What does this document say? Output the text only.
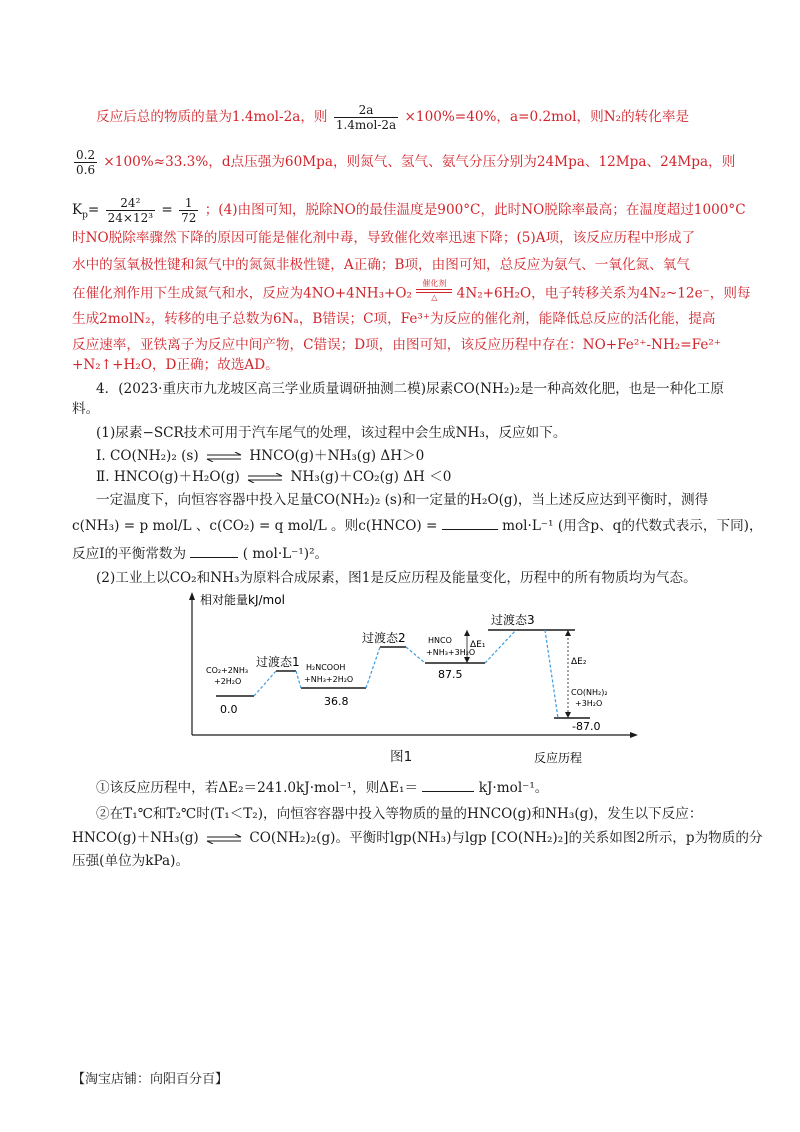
反应后总的物质的量为1.4mol-2a，则 $\frac{2a}{\text{1.4mol-2a}} \times 100\%=40\%$，a=0.2mol，则N₂的转化率是
$\frac{0.2}{0.6} \times 100\%\approx 33.3\%$，d点压强为60Mpa，则氮气、氢气、氨气分压分别为24Mpa、12Mpa、24Mpa，则
$K_p= \frac{\text{24²}}{\text{24×12³}} = \frac{1}{72}$ ；(4)由图可知，脱除NO的最佳温度是900°C，此时NO脱除率最高；在温度超过1000°C
时NO脱除率骤然下降的原因可能是催化剂中毒，导致催化效率迅速下降；(5)A项，该反应历程中形成了
水中的氢氧极性键和氮气中的氮氮非极性键，A正确；B项，由图可知，总反应为氨气、一氧化氮、氧气
在催化剂作用下生成氮气和水，反应为4NO+4NH₃+O₂
催化剂
△	4N₂+6H₂O，电子转移关系为4N₂~12e⁻，则每
生成2molN₂，转移的电子总数为6Nₐ，B错误；C项，Fe³⁺为反应的催化剂，能降低总反应的活化能，提高
反应速率，亚铁离子为反应中间产物，C错误；D项，由图可知，该反应历程中存在：NO+Fe²⁺-NH₂=Fe²⁺
+N₂↑+H₂O，D正确；故选AD。
4．(2023·重庆市九龙坡区高三学业质量调研抽测二模)尿素CO(NH₂)₂是一种高效化肥，也是一种化工原
料。
(1)尿素−SCR技术可用于汽车尾气的处理，该过程中会生成NH₃，反应如下。
Ⅰ. CO(NH₂)₂ (s) ⇌ HNCO(g)＋NH₃(g) ΔH＞0
Ⅱ. HNCO(g)＋H₂O(g) ⇌ NH₃(g)＋CO₂(g) ΔH ＜0
一定温度下，向恒容容器中投入足量CO(NH₂)₂ (s)和一定量的H₂O(g)，当上述反应达到平衡时，测得
c(NH₃) = p mol/L 、c(CO₂) = q mol/L 。则c(HNCO) =	mol·L⁻¹ (用含p、q的代数式表示，下同)，
反应Ⅰ的平衡常数为	( mol·L⁻¹)²。
(2)工业上以CO₂和NH₃为原料合成尿素，图1是反应历程及能量变化，历程中的所有物质均为气态。
相对能量kJ/mol
CO₂+2NH₃
+2H₂O
0.0
过渡态1 H₂NCOOH
+NH₃+2H₂O
36.8
过渡态2	HNCO
+NH₃+3H₂O
87.5
过渡态3
ΔE₁
ΔE₂
CO(NH₂)₂
+3H₂O
-87.0
反应历程
图1
①该反应历程中，若ΔE₂＝241.0kJ·mol⁻¹，则ΔE₁＝	kJ·mol⁻¹。
②在T₁℃和T₂℃时(T₁＜T₂)，向恒容容器中投入等物质的量的HNCO(g)和NH₃(g)，发生以下反应：
HNCO(g)＋NH₃(g) ⇌ CO(NH₂)₂(g)。平衡时lgp(NH₃)与lgp [CO(NH₂)₂]的关系如图2所示，p为物质的分
压强(单位为kPa)。
【淘宝店铺：向阳百分百】
